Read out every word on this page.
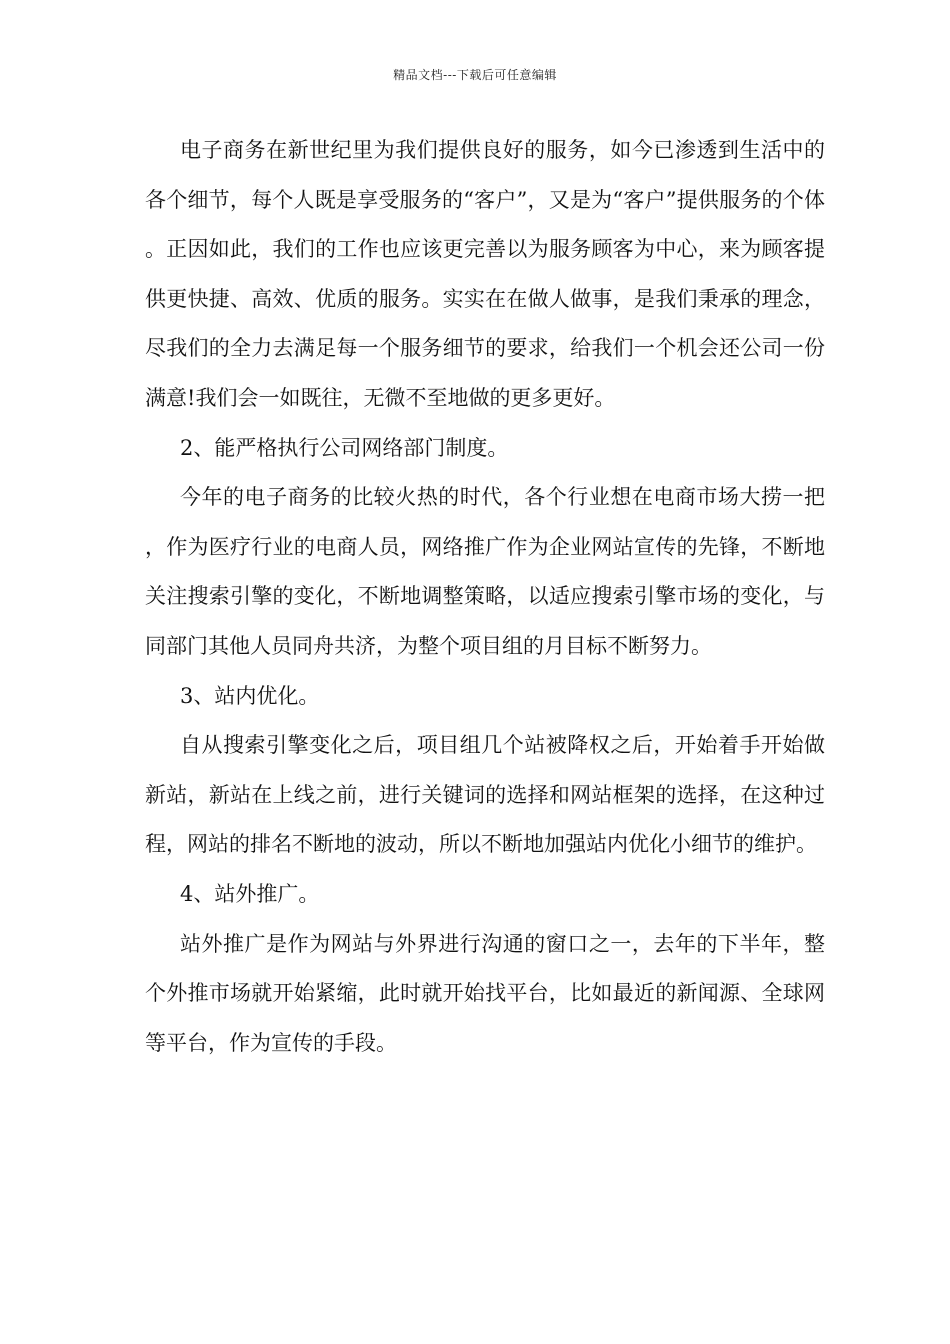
精品文档---下载后可任意编辑

电子商务在新世纪里为我们提供良好的服务，如今已渗透到生活中的各个细节，每个人既是享受服务的“客户”，又是为“客户”提供服务的个体。正因如此，我们的工作也应该更完善以为服务顾客为中心，来为顾客提供更快捷、高效、优质的服务。实实在在做人做事，是我们秉承的理念，尽我们的全力去满足每一个服务细节的要求，给我们一个机会还公司一份满意!我们会一如既往，无微不至地做的更多更好。

2、能严格执行公司网络部门制度。

今年的电子商务的比较火热的时代，各个行业想在电商市场大捞一把，作为医疗行业的电商人员，网络推广作为企业网站宣传的先锋，不断地关注搜索引擎的变化，不断地调整策略，以适应搜索引擎市场的变化，与同部门其他人员同舟共济，为整个项目组的月目标不断努力。

3、站内优化。

自从搜索引擎变化之后，项目组几个站被降权之后，开始着手开始做新站，新站在上线之前，进行关键词的选择和网站框架的选择，在这种过程，网站的排名不断地的波动，所以不断地加强站内优化小细节的维护。

4、站外推广。

站外推广是作为网站与外界进行沟通的窗口之一，去年的下半年，整个外推市场就开始紧缩，此时就开始找平台，比如最近的新闻源、全球网等平台，作为宣传的手段。
